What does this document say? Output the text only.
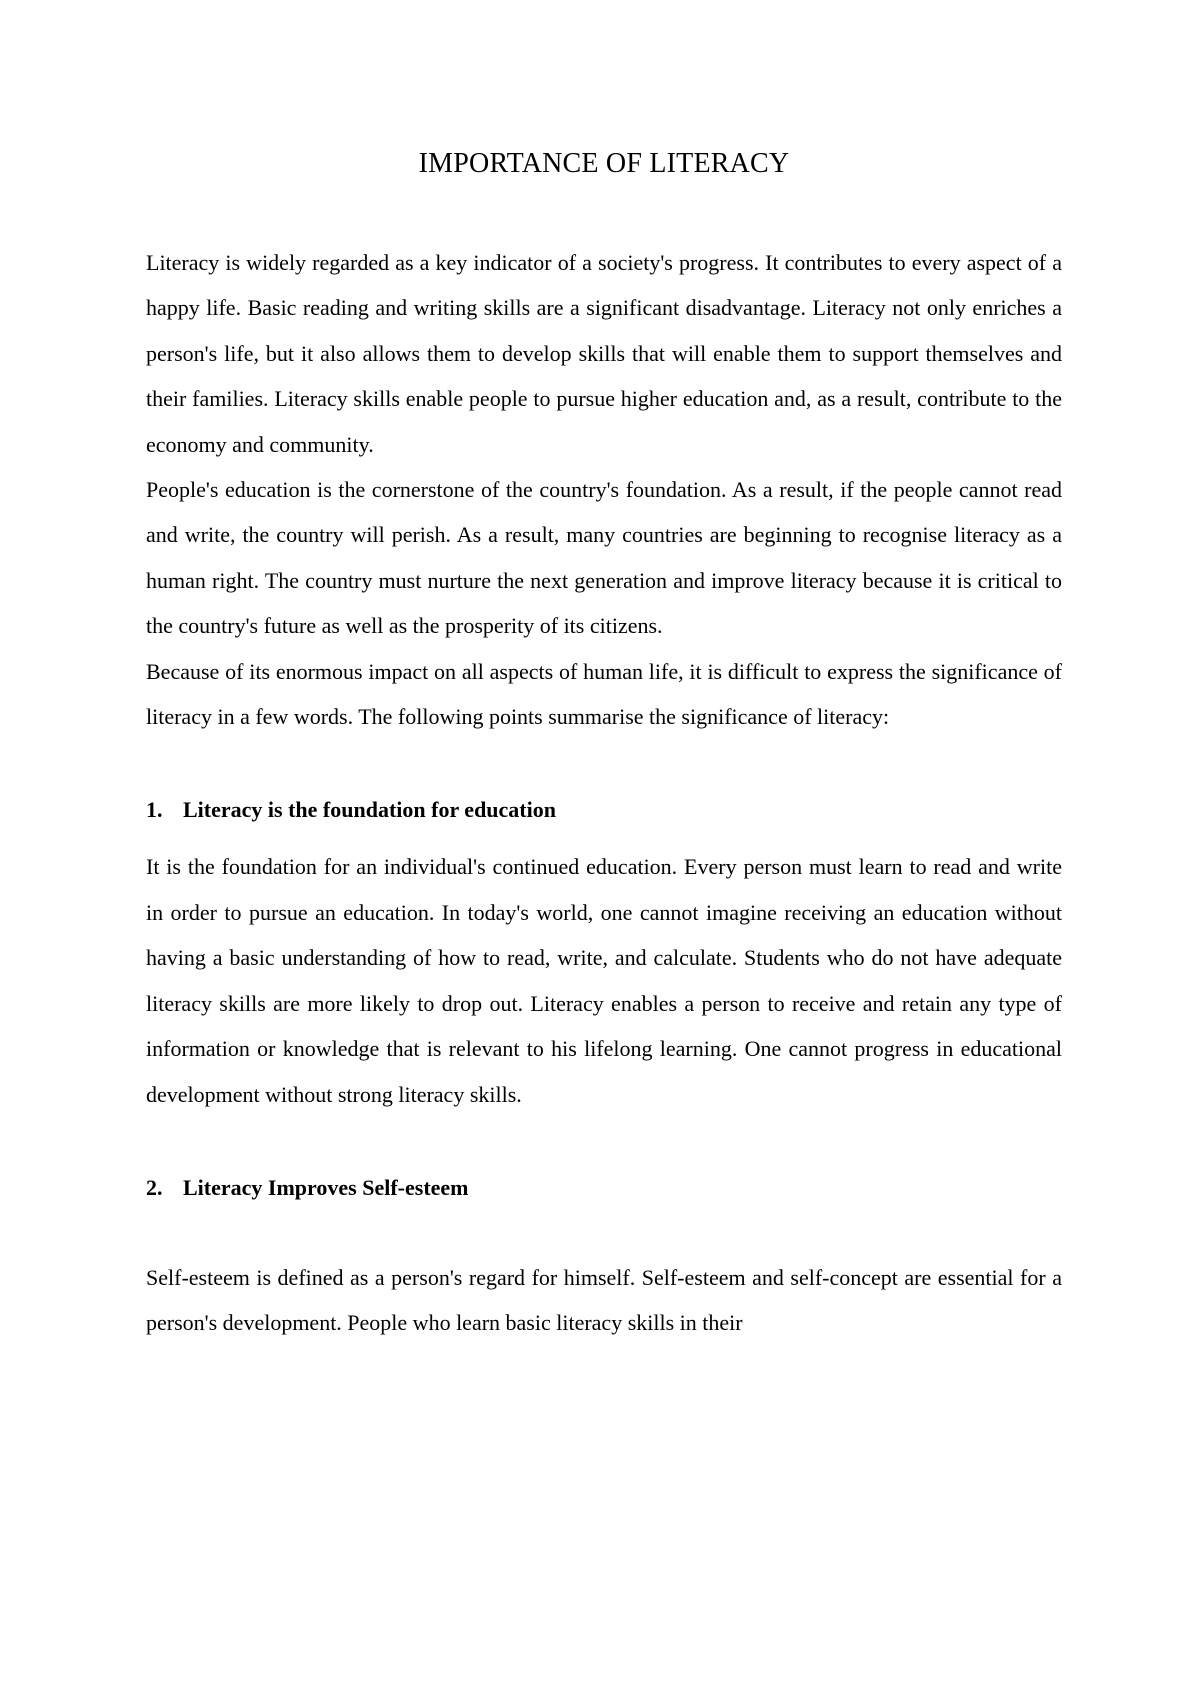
IMPORTANCE OF LITERACY

Literacy is widely regarded as a key indicator of a society's progress. It contributes to every aspect of a happy life. Basic reading and writing skills are a significant disadvantage. Literacy not only enriches a person's life, but it also allows them to develop skills that will enable them to support themselves and their families. Literacy skills enable people to pursue higher education and, as a result, contribute to the economy and community.

People's education is the cornerstone of the country's foundation. As a result, if the people cannot read and write, the country will perish. As a result, many countries are beginning to recognise literacy as a human right. The country must nurture the next generation and improve literacy because it is critical to the country's future as well as the prosperity of its citizens.

Because of its enormous impact on all aspects of human life, it is difficult to express the significance of literacy in a few words. The following points summarise the significance of literacy:

1. Literacy is the foundation for education

It is the foundation for an individual's continued education. Every person must learn to read and write in order to pursue an education. In today's world, one cannot imagine receiving an education without having a basic understanding of how to read, write, and calculate. Students who do not have adequate literacy skills are more likely to drop out. Literacy enables a person to receive and retain any type of information or knowledge that is relevant to his lifelong learning. One cannot progress in educational development without strong literacy skills.

2. Literacy Improves Self-esteem

Self-esteem is defined as a person's regard for himself. Self-esteem and self-concept are essential for a person's development. People who learn basic literacy skills in their
